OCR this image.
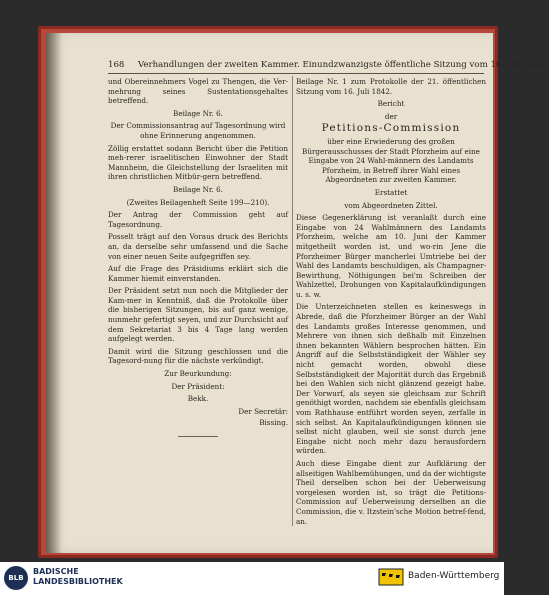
168 Verhandlungen der zweiten Kammer. Einundzwanzigste öffentliche Sitzung vom 16. Juli 1842.
und Obereinnehmers Vogel zu Thengen, die Ver-mehrung seines Sustentationsgehaltes betreffend.
Beilage Nr. 6.
Der Commissionsantrag auf Tagesordnung wird ohne Erinnerung angenommen.
Zöllig erstattet sodann Bericht über die Petition meh-rerer israelitischen Einwohner der Stadt Mannheim, die Gleichstellung der Israeliten mit ihren christlichen Mitbür-gern betreffend.
Beilage Nr. 6.
(Zweites Beilagenheft Seite 199—210).
Der Antrag der Commission geht auf Tagesordnung.
Posselt trägt auf den Voraus druck des Berichts an, da derselbe sehr umfassend und die Sache von einer neuen Seite aufgegriffen sey.
Auf die Frage des Präsidiums erklärt sich die Kammer hiemit einverstanden.
Der Präsident setzt nun noch die Mitglieder der Kam-mer in Kenntniß, daß die Protokolle über die bisherigen Sitzungen, bis auf ganz wenige, nunmehr gefertigt seyen, und zur Durchsicht auf dem Sekretariat 3 bis 4 Tage lang werden aufgelegt werden.
Damit wird die Sitzung geschlossen und die Tagesord-nung für die nächste verkündigt.
Zur Beurkundung:
Der Präsident:
Bekk.
Der Secretär:
Bissing.
Beilage Nr. 1 zum Protokolle der 21. öffentlichen Sitzung vom 16. Juli 1842.
Bericht
der
Petitions-Commission
über eine Erwiederung des großen Bürgerausschusses der Stadt Pforzheim auf eine Eingabe von 24 Wahl-männern des Landamts Pforzheim, in Betreff ihrer Wahl eines Abgeordneten zur zweiten Kammer.
Erstattet
vom Abgeordneten Zittel.
Diese Gegenerklärung ist veranlaßt durch eine Eingabe von 24 Wahlmännern des Landamts Pforzheim, welche am 10. Juni der Kammer mitgetheilt worden ist, und wo-rin Jene die Pforzheimer Bürger mancherlei Umtriebe bei der Wahl des Landamts beschuldigen, als Champagner-Bewirthung, Nöthigungen bei'm Schreiben der Wahlzettel, Drohungen von Kapitalaufkündigungen u. s. w.
Die Unterzeichneten stellen es keineswegs in Abrede, daß die Pforzheimer Bürger an der Wahl des Landamts großes Interesse genommen, und Mehrere von ihnen sich deßhalb mit Einzelnen ihnen bekannten Wählern besprochen hätten. Ein Angriff auf die Selbstständigkeit der Wähler sey nicht gemacht worden, obwohl diese Selbstständigkeit der Majorität durch das Ergebniß bei den Wahlen sich nicht glänzend gezeigt habe. Der Vorwurf, als seyen sie gleichsam zur Schrift genöthigt worden, nachdem sie ebenfalls gleichsam vom Rathhause entführt worden seyen, zerfalle in sich selbst. An Kapitalaufkündigungen können sie selbst nicht glauben, weil sie sonst durch jene Eingabe nicht noch mehr dazu herausfordern würden.
Auch diese Eingabe dient zur Aufklärung der allseitigen Wahlbemühungen, und da der wichtigste Theil derselben schon bei der Ueberweisung vorgelesen worden ist, so trägt die Petitions-Commission auf Ueberweisung derselben an die Commission, die v. Itzstein'sche Motion betref-fend, an.
BLB
BADISCHE
LANDESBIBLIOTHEK
Baden-Württemberg
